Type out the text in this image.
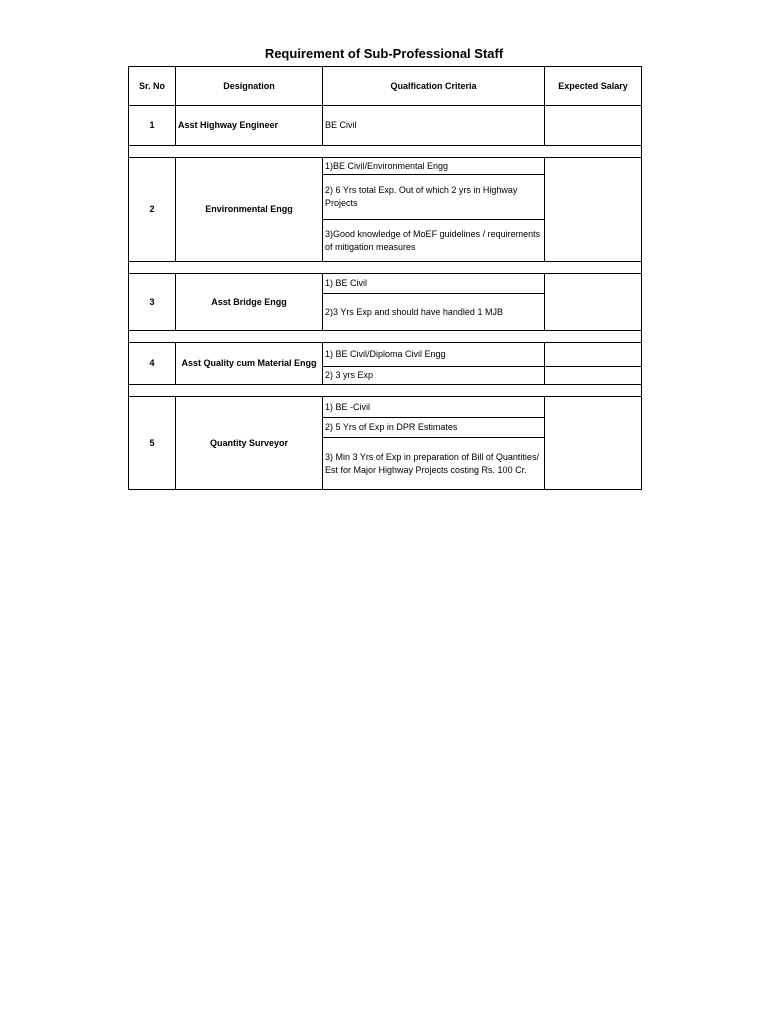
Requirement of Sub-Professional Staff
Sr. No	Designation	Qualfication Criteria	Expected Salary
1	Asst Highway Engineer	BE Civil	

2	Environmental Engg	1)BE Civil/Environmental Engg	
		2) 6 Yrs total Exp. Out of which 2 yrs in Highway Projects	
		3)Good knowledge of MoEF guidelines / requirements of mitigation measures	

3	Asst Bridge Engg	1) BE Civil	
		2)3 Yrs Exp and should have handled 1 MJB	

4	Asst Quality cum Material Engg	1) BE Civil/Diploma Civil Engg	
		2) 3 yrs Exp	

5	Quantity Surveyor	1) BE -Civil	
		2) 5 Yrs of Exp in DPR Estimates	
		3) Min 3 Yrs of Exp in preparation of Bill of Quantities/ Est for Major Highway Projects costing Rs. 100 Cr.	
